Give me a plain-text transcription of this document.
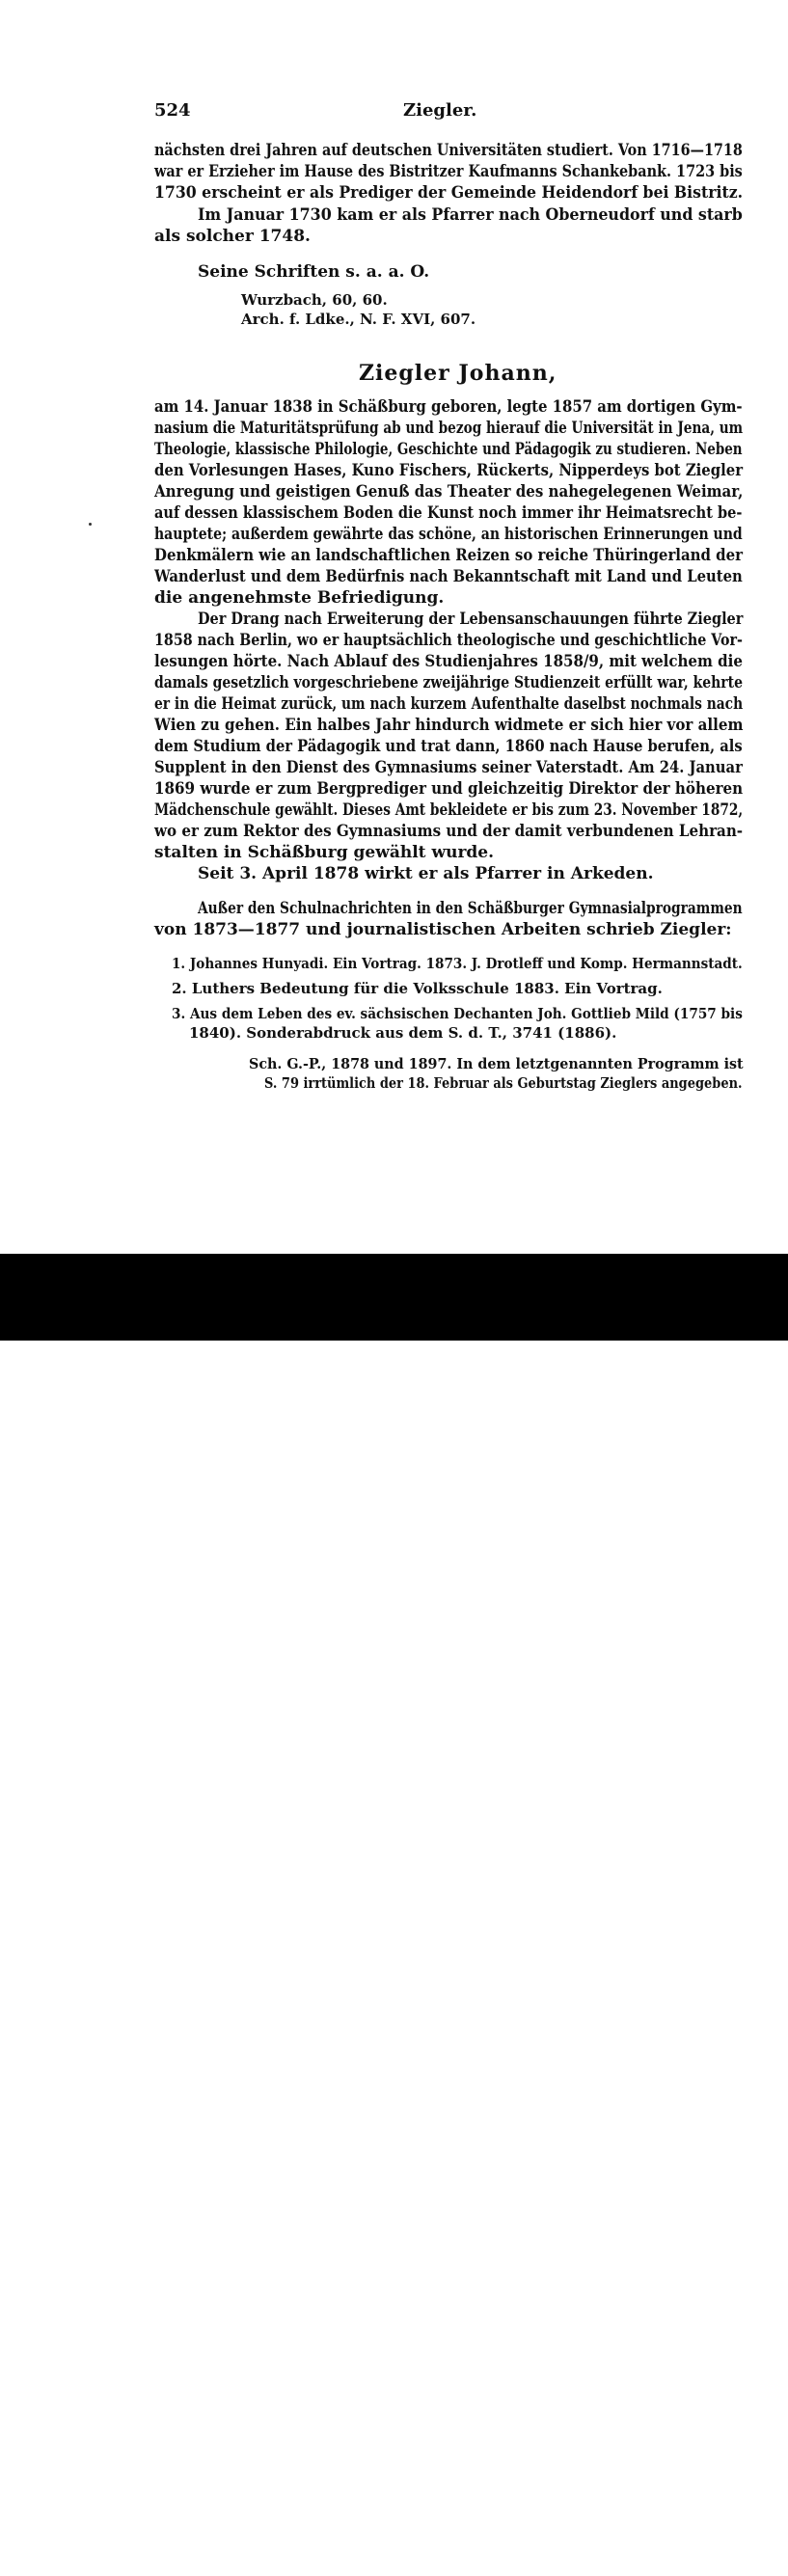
524	Ziegler.
nächsten drei Jahren auf deutschen Universitäten studiert. Von 1716—1718
war er Erzieher im Hause des Bistritzer Kaufmanns Schankebank. 1723 bis
1730 erscheint er als Prediger der Gemeinde Heidendorf bei Bistritz.
Im Januar 1730 kam er als Pfarrer nach Oberneudorf und starb
als solcher 1748.
Seine Schriften s. a. a. O.
Wurzbach, 60, 60.
Arch. f. Ldke., N. F. XVI, 607.
Ziegler Johann,
am 14. Januar 1838 in Schäßburg geboren, legte 1857 am dortigen Gym-
nasium die Maturitätsprüfung ab und bezog hierauf die Universität in Jena, um
Theologie, klassische Philologie, Geschichte und Pädagogik zu studieren. Neben
den Vorlesungen Hases, Kuno Fischers, Rückerts, Nipperdeys bot Ziegler
Anregung und geistigen Genuß das Theater des nahegelegenen Weimar,
auf dessen klassischem Boden die Kunst noch immer ihr Heimatsrecht be-
hauptete; außerdem gewährte das schöne, an historischen Erinnerungen und
Denkmälern wie an landschaftlichen Reizen so reiche Thüringerland der
Wanderlust und dem Bedürfnis nach Bekanntschaft mit Land und Leuten
die angenehmste Befriedigung.
Der Drang nach Erweiterung der Lebensanschauungen führte Ziegler
1858 nach Berlin, wo er hauptsächlich theologische und geschichtliche Vor-
lesungen hörte. Nach Ablauf des Studienjahres 1858/9, mit welchem die
damals gesetzlich vorgeschriebene zweijährige Studienzeit erfüllt war, kehrte
er in die Heimat zurück, um nach kurzem Aufenthalte daselbst nochmals nach
Wien zu gehen. Ein halbes Jahr hindurch widmete er sich hier vor allem
dem Studium der Pädagogik und trat dann, 1860 nach Hause berufen, als
Supplent in den Dienst des Gymnasiums seiner Vaterstadt. Am 24. Januar
1869 wurde er zum Bergprediger und gleichzeitig Direktor der höheren
Mädchenschule gewählt. Dieses Amt bekleidete er bis zum 23. November 1872,
wo er zum Rektor des Gymnasiums und der damit verbundenen Lehran-
stalten in Schäßburg gewählt wurde.
Seit 3. April 1878 wirkt er als Pfarrer in Arkeden.
Außer den Schulnachrichten in den Schäßburger Gymnasialprogrammen
von 1873—1877 und journalistischen Arbeiten schrieb Ziegler:
1. Johannes Hunyadi. Ein Vortrag. 1873. J. Drotleff und Komp. Hermannstadt.
2. Luthers Bedeutung für die Volksschule 1883. Ein Vortrag.
3. Aus dem Leben des ev. sächsischen Dechanten Joh. Gottlieb Mild (1757 bis
1840). Sonderabdruck aus dem S. d. T., 3741 (1886).
Sch. G.-P., 1878 und 1897. In dem letztgenannten Programm ist
S. 79 irrtümlich der 18. Februar als Geburtstag Zieglers angegeben.
alamy$^a$	W81GB1
www.alamy.com
